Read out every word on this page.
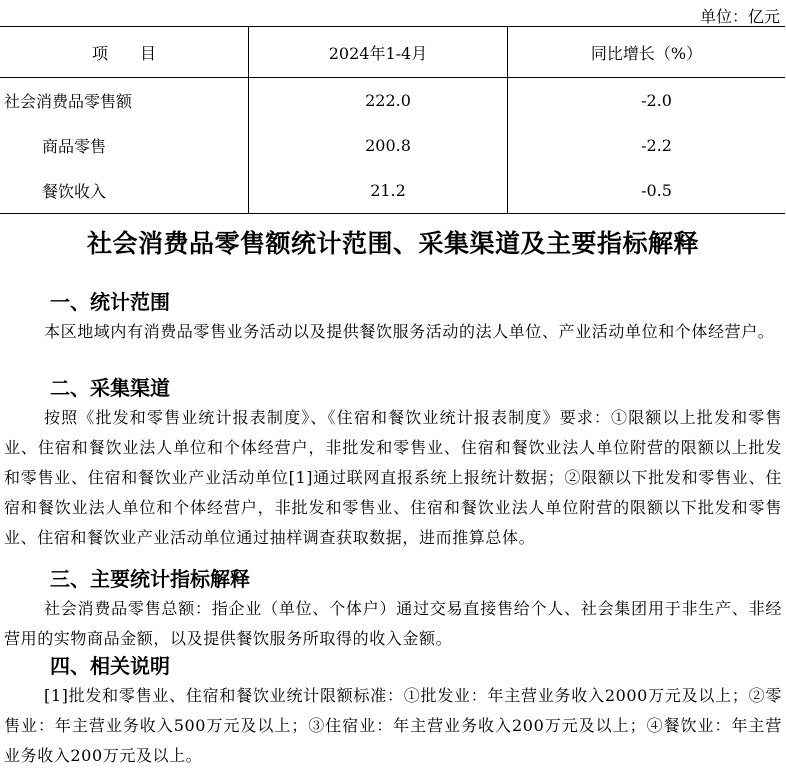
单位：亿元
项　　目	2024年1-4月	同比增长（%）
社会消费品零售额	222.0	-2.0
商品零售	200.8	-2.2
餐饮收入	21.2	-0.5
社会消费品零售额统计范围、采集渠道及主要指标解释
一、统计范围

本区地域内有消费品零售业务活动以及提供餐饮服务活动的法人单位、产业活动单位和个体经营户。

二、采集渠道

按照《批发和零售业统计报表制度》、《住宿和餐饮业统计报表制度》要求：①限额以上批发和零售业、住宿和餐饮业法人单位和个体经营户，非批发和零售业、住宿和餐饮业法人单位附营的限额以上批发和零售业、住宿和餐饮业产业活动单位[1]通过联网直报系统上报统计数据；②限额以下批发和零售业、住宿和餐饮业法人单位和个体经营户，非批发和零售业、住宿和餐饮业法人单位附营的限额以下批发和零售业、住宿和餐饮业产业活动单位通过抽样调查获取数据，进而推算总体。

三、主要统计指标解释

社会消费品零售总额：指企业（单位、个体户）通过交易直接售给个人、社会集团用于非生产、非经营用的实物商品金额，以及提供餐饮服务所取得的收入金额。

四、相关说明

[1]批发和零售业、住宿和餐饮业统计限额标准：①批发业：年主营业务收入2000万元及以上；②零售业：年主营业务收入500万元及以上；③住宿业：年主营业务收入200万元及以上；④餐饮业：年主营业务收入200万元及以上。
